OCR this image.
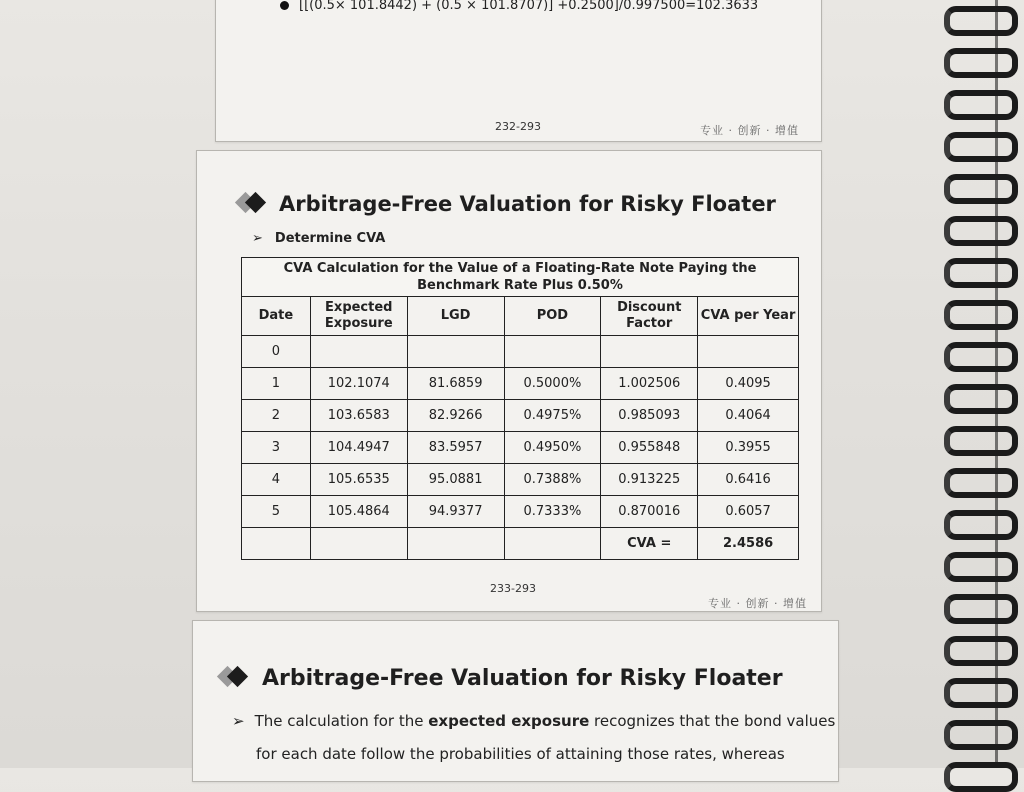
[[(0.5× 101.8442) + (0.5 × 101.8707)] +0.2500]/0.997500=102.3633
232-293	专业 · 创新 · 增值
Arbitrage-Free Valuation for Risky Floater
➢ Determine CVA
CVA Calculation for the Value of a Floating-Rate Note Paying the Benchmark Rate Plus 0.50%
Date	Expected Exposure	LGD	POD	Discount Factor	CVA per Year
0					
1	102.1074	81.6859	0.5000%	1.002506	0.4095
2	103.6583	82.9266	0.4975%	0.985093	0.4064
3	104.4947	83.5957	0.4950%	0.955848	0.3955
4	105.6535	95.0881	0.7388%	0.913225	0.6416
5	105.4864	94.9377	0.7333%	0.870016	0.6057
				CVA =	2.4586
233-293
专业 · 创新 · 增值
Arbitrage-Free Valuation for Risky Floater
➢ The calculation for the expected exposure recognizes that the bond values
for each date follow the probabilities of attaining those rates, whereas
